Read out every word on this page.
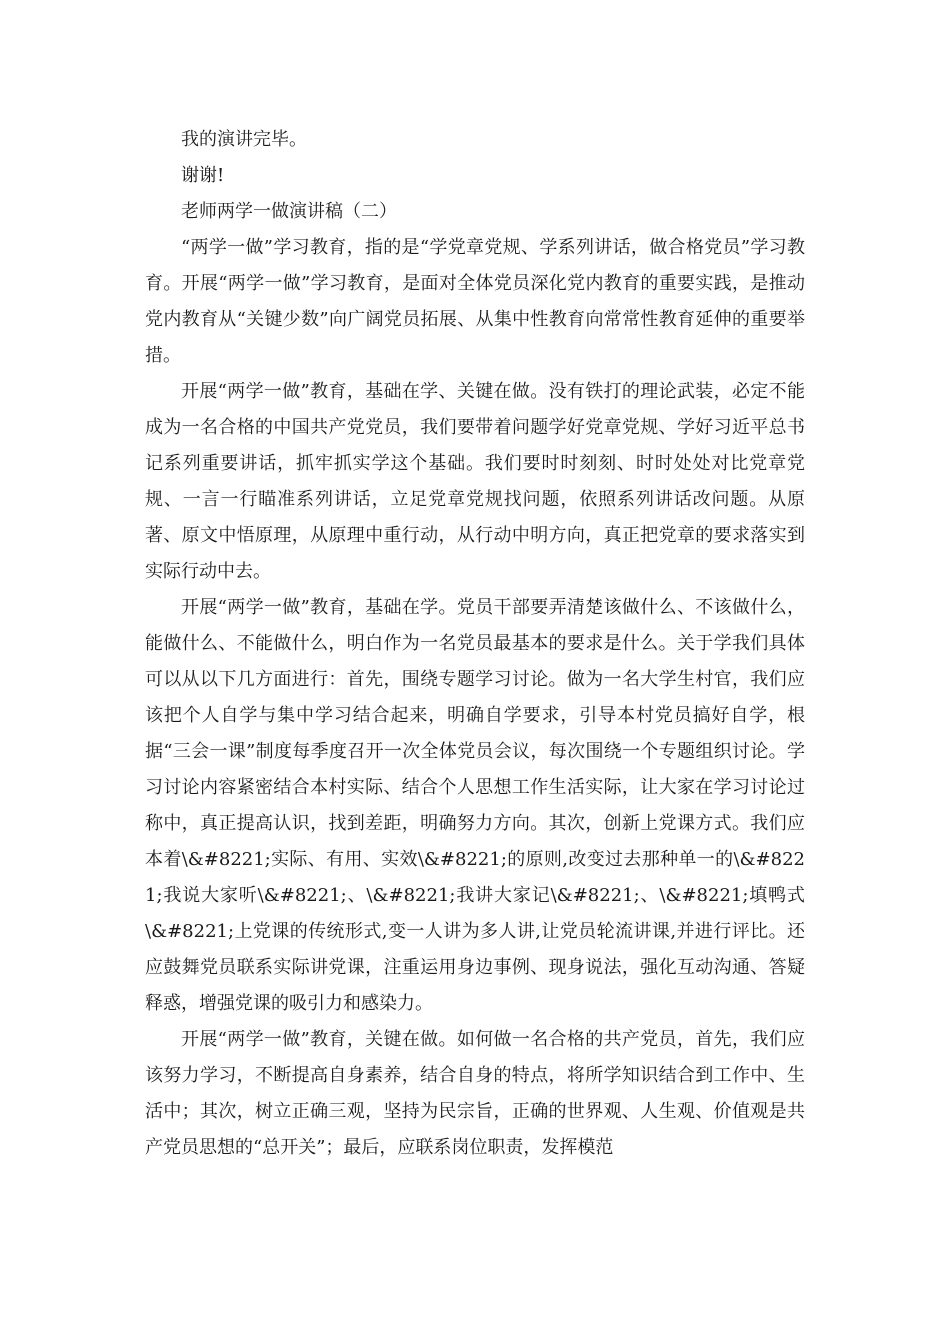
我的演讲完毕。

谢谢!

老师两学一做演讲稿（二）

“两学一做”学习教育，指的是“学党章党规、学系列讲话，做合格党员”学习教育。开展“两学一做”学习教育，是面对全体党员深化党内教育的重要实践，是推动党内教育从“关键少数”向广阔党员拓展、从集中性教育向常常性教育延伸的重要举措。

开展“两学一做”教育，基础在学、关键在做。没有铁打的理论武装，必定不能成为一名合格的中国共产党党员，我们要带着问题学好党章党规、学好习近平总书记系列重要讲话，抓牢抓实学这个基础。我们要时时刻刻、时时处处对比党章党规、一言一行瞄准系列讲话，立足党章党规找问题，依照系列讲话改问题。从原著、原文中悟原理，从原理中重行动，从行动中明方向，真正把党章的要求落实到实际行动中去。

开展“两学一做”教育，基础在学。党员干部要弄清楚该做什么、不该做什么，能做什么、不能做什么，明白作为一名党员最基本的要求是什么。关于学我们具体可以从以下几方面进行：首先，围绕专题学习讨论。做为一名大学生村官，我们应该把个人自学与集中学习结合起来，明确自学要求，引导本村党员搞好自学，根据“三会一课”制度每季度召开一次全体党员会议，每次围绕一个专题组织讨论。学习讨论内容紧密结合本村实际、结合个人思想工作生活实际，让大家在学习讨论过称中，真正提高认识，找到差距，明确努力方向。其次，创新上党课方式。我们应本着\&#8221;实际、有用、实效\&#8221;的原则,改变过去那种单一的\&#8221;我说大家听\&#8221;、\&#8221;我讲大家记\&#8221;、\&#8221;填鸭式\&#8221;上党课的传统形式,变一人讲为多人讲,让党员轮流讲课,并进行评比。还应鼓舞党员联系实际讲党课，注重运用身边事例、现身说法，强化互动沟通、答疑释惑，增强党课的吸引力和感染力。

开展“两学一做”教育，关键在做。如何做一名合格的共产党员，首先，我们应该努力学习，不断提高自身素养，结合自身的特点，将所学知识结合到工作中、生活中；其次，树立正确三观，坚持为民宗旨，正确的世界观、人生观、价值观是共产党员思想的“总开关”；最后，应联系岗位职责，发挥模范
